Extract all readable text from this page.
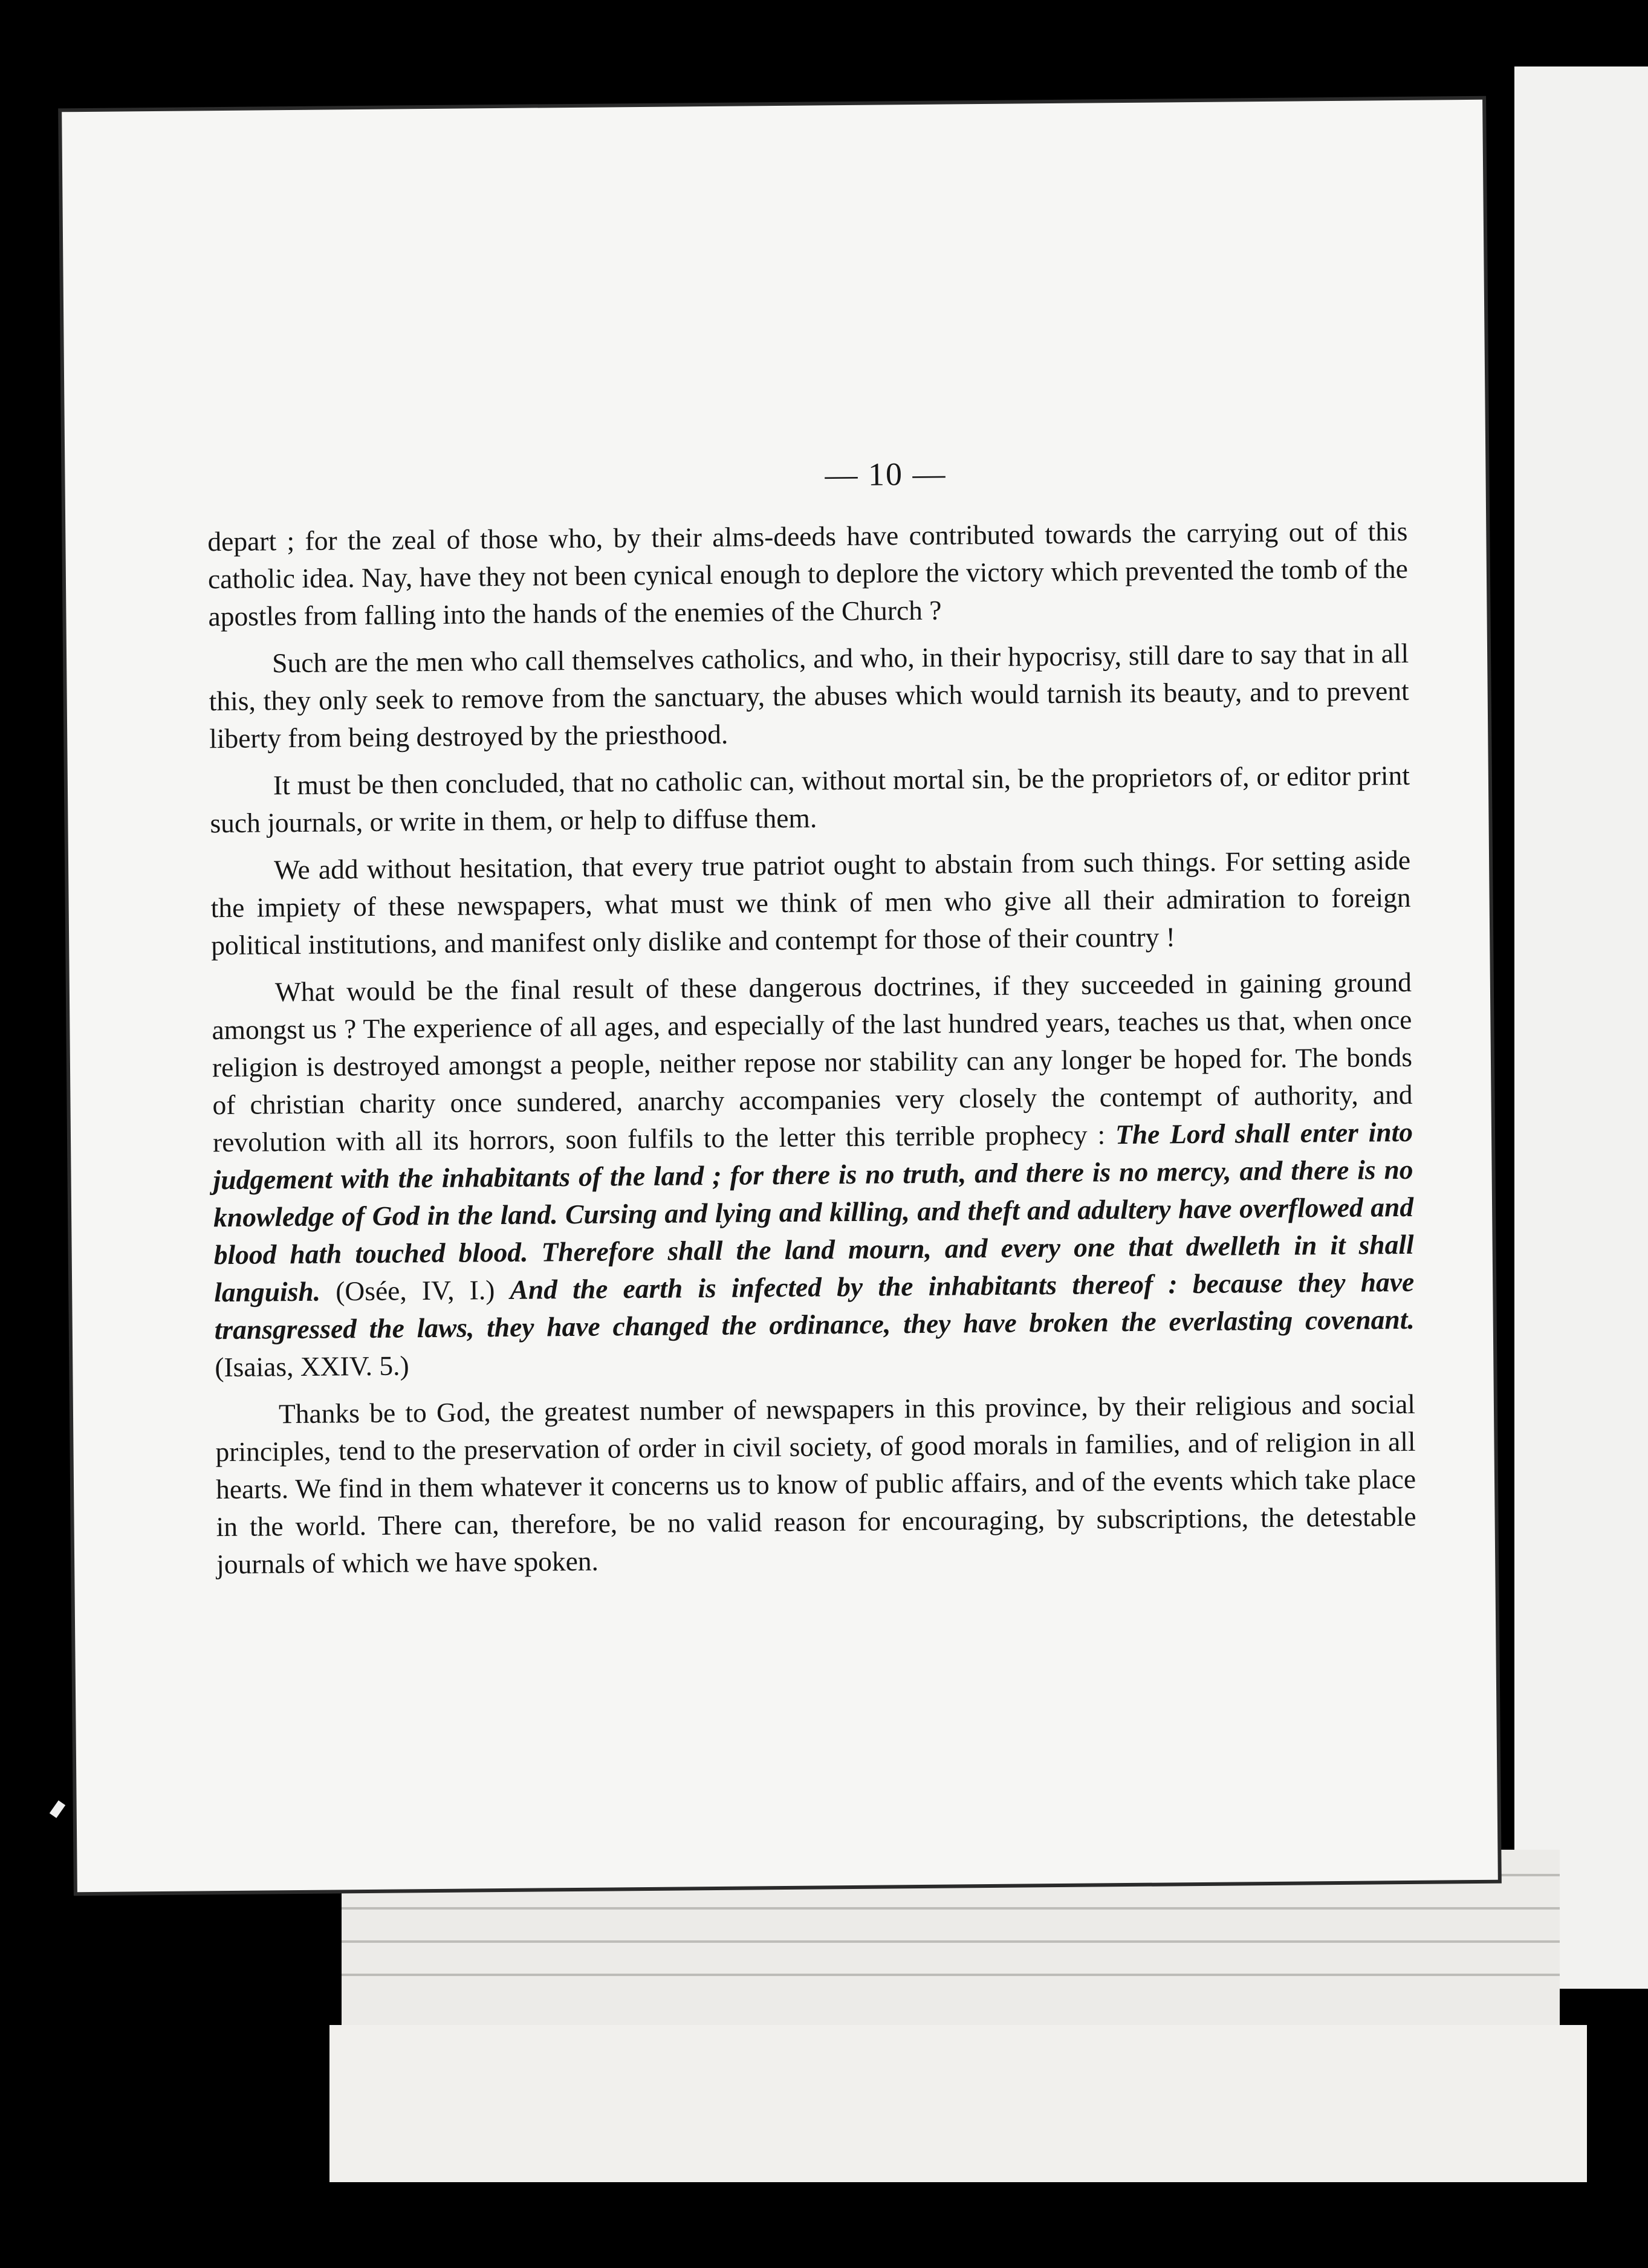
— 10 —

depart ; for the zeal of those who, by their alms-deeds have contributed towards the carrying out of this catholic idea. Nay, have they not been cynical enough to deplore the victory which prevented the tomb of the apostles from falling into the hands of the enemies of the Church ?

Such are the men who call themselves catholics, and who, in their hypocrisy, still dare to say that in all this, they only seek to remove from the sanctuary, the abuses which would tarnish its beauty, and to prevent liberty from being destroyed by the priesthood.

It must be then concluded, that no catholic can, without mortal sin, be the proprietors of, or editor print such journals, or write in them, or help to diffuse them.

We add without hesitation, that every true patriot ought to abstain from such things. For setting aside the impiety of these newspapers, what must we think of men who give all their admiration to foreign political institutions, and manifest only dislike and contempt for those of their country !

What would be the final result of these dangerous doctrines, if they succeeded in gaining ground amongst us ? The experience of all ages, and especially of the last hundred years, teaches us that, when once religion is destroyed amongst a people, neither repose nor stability can any longer be hoped for. The bonds of christian charity once sundered, anarchy accompanies very closely the contempt of authority, and revolution with all its horrors, soon fulfils to the letter this terrible prophecy : The Lord shall enter into judgement with the inhabitants of the land ; for there is no truth, and there is no mercy, and there is no knowledge of God in the land. Cursing and lying and killing, and theft and adultery have overflowed and blood hath touched blood. Therefore shall the land mourn, and every one that dwelleth in it shall languish. (Osée, IV, I.) And the earth is infected by the inhabitants thereof : because they have transgressed the laws, they have changed the ordinance, they have broken the everlasting covenant. (Isaias, XXIV. 5.)

Thanks be to God, the greatest number of newspapers in this province, by their religious and social principles, tend to the preservation of order in civil society, of good morals in families, and of religion in all hearts. We find in them whatever it concerns us to know of public affairs, and of the events which take place in the world. There can, therefore, be no valid reason for encouraging, by subscriptions, the detestable journals of which we have spoken.
